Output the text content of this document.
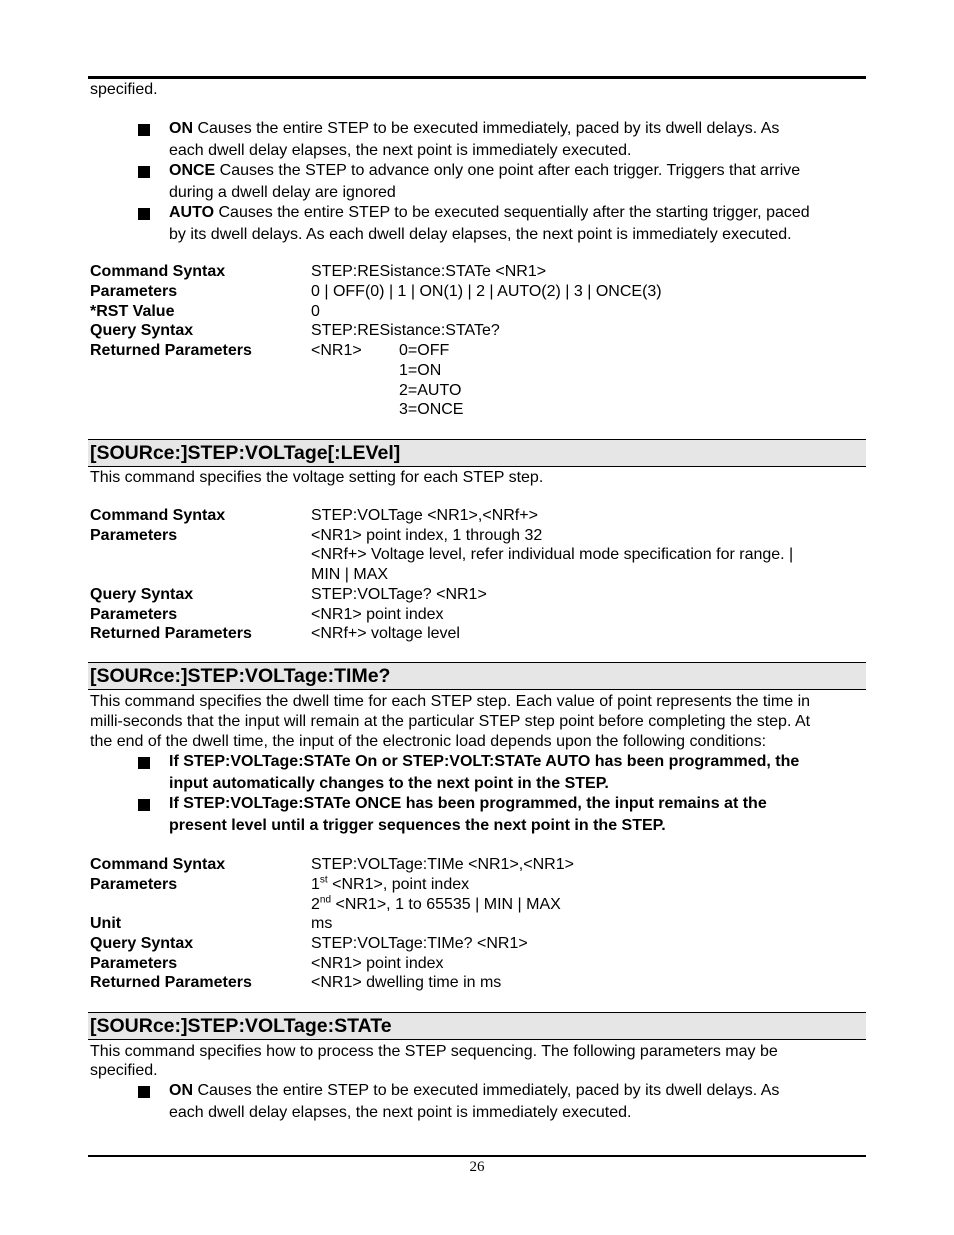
specified.
ON Causes the entire STEP to be executed immediately, paced by its dwell delays. As
each dwell delay elapses, the next point is immediately executed.
ONCE Causes the STEP to advance only one point after each trigger. Triggers that arrive
during a dwell delay are ignored
AUTO Causes the entire STEP to be executed sequentially after the starting trigger, paced
by its dwell delays. As each dwell delay elapses, the next point is immediately executed.
Command Syntax	STEP:RESistance:STATe <NR1>
Parameters	0 | OFF(0) | 1 | ON(1) | 2 | AUTO(2) | 3 | ONCE(3)
*RST Value	0
Query Syntax	STEP:RESistance:STATe?
Returned Parameters	<NR1> 0=OFF
1=ON
2=AUTO
3=ONCE
[SOURce:]STEP:VOLTage[:LEVel]
This command specifies the voltage setting for each STEP step.
Command Syntax	STEP:VOLTage <NR1>,<NRf+>
Parameters	<NR1> point index, 1 through 32
<NRf+> Voltage level, refer individual mode specification for range. |
MIN | MAX
Query Syntax	STEP:VOLTage? <NR1>
Parameters	<NR1> point index
Returned Parameters	<NRf+> voltage level
[SOURce:]STEP:VOLTage:TIMe?
This command specifies the dwell time for each STEP step. Each value of point represents the time in
milli-seconds that the input will remain at the particular STEP step point before completing the step. At
the end of the dwell time, the input of the electronic load depends upon the following conditions:
If STEP:VOLTage:STATe On or STEP:VOLT:STATe AUTO has been programmed, the
input automatically changes to the next point in the STEP.
If STEP:VOLTage:STATe ONCE has been programmed, the input remains at the
present level until a trigger sequences the next point in the STEP.
Command Syntax	STEP:VOLTage:TIMe <NR1>,<NR1>
Parameters	1st <NR1>, point index
2nd <NR1>, 1 to 65535 | MIN | MAX
Unit	ms
Query Syntax	STEP:VOLTage:TIMe? <NR1>
Parameters	<NR1> point index
Returned Parameters	<NR1> dwelling time in ms
[SOURce:]STEP:VOLTage:STATe
This command specifies how to process the STEP sequencing. The following parameters may be
specified.
ON Causes the entire STEP to be executed immediately, paced by its dwell delays. As
each dwell delay elapses, the next point is immediately executed.
26
